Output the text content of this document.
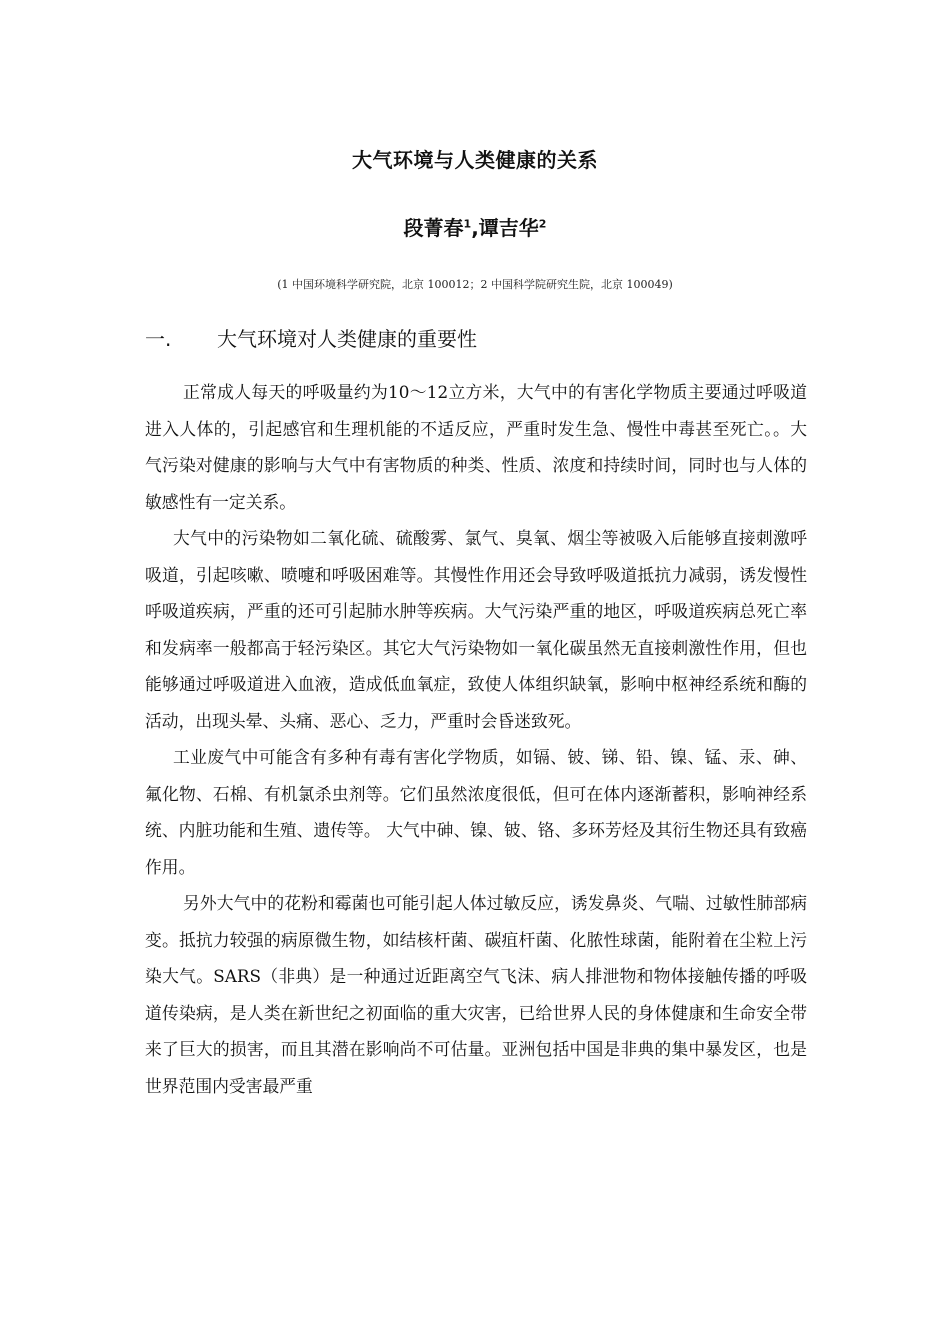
大气环境与人类健康的关系
段菁春$^1$,谭吉华$^2$
(1 中国环境科学研究院，北京 100012；2 中国科学院研究生院，北京 100049)
一. 大气环境对人类健康的重要性

正常成人每天的呼吸量约为10～12立方米，大气中的有害化学物质主要通过呼吸道进入人体的，引起感官和生理机能的不适反应，严重时发生急、慢性中毒甚至死亡。。大气污染对健康的影响与大气中有害物质的种类、性质、浓度和持续时间，同时也与人体的敏感性有一定关系。

大气中的污染物如二氧化硫、硫酸雾、氯气、臭氧、烟尘等被吸入后能够直接刺激呼吸道，引起咳嗽、喷嚏和呼吸困难等。其慢性作用还会导致呼吸道抵抗力减弱，诱发慢性呼吸道疾病，严重的还可引起肺水肿等疾病。大气污染严重的地区，呼吸道疾病总死亡率和发病率一般都高于轻污染区。其它大气污染物如一氧化碳虽然无直接刺激性作用，但也能够通过呼吸道进入血液，造成低血氧症，致使人体组织缺氧，影响中枢神经系统和酶的活动，出现头晕、头痛、恶心、乏力，严重时会昏迷致死。

工业废气中可能含有多种有毒有害化学物质，如镉、铍、锑、铅、镍、锰、汞、砷、氟化物、石棉、有机氯杀虫剂等。它们虽然浓度很低，但可在体内逐渐蓄积，影响神经系统、内脏功能和生殖、遗传等。 大气中砷、镍、铍、铬、多环芳烃及其衍生物还具有致癌作用。

另外大气中的花粉和霉菌也可能引起人体过敏反应，诱发鼻炎、气喘、过敏性肺部病变。抵抗力较强的病原微生物，如结核杆菌、碳疽杆菌、化脓性球菌，能附着在尘粒上污染大气。SARS（非典）是一种通过近距离空气飞沫、病人排泄物和物体接触传播的呼吸道传染病，是人类在新世纪之初面临的重大灾害，已给世界人民的身体健康和生命安全带来了巨大的损害，而且其潜在影响尚不可估量。亚洲包括中国是非典的集中暴发区，也是世界范围内受害最严重
